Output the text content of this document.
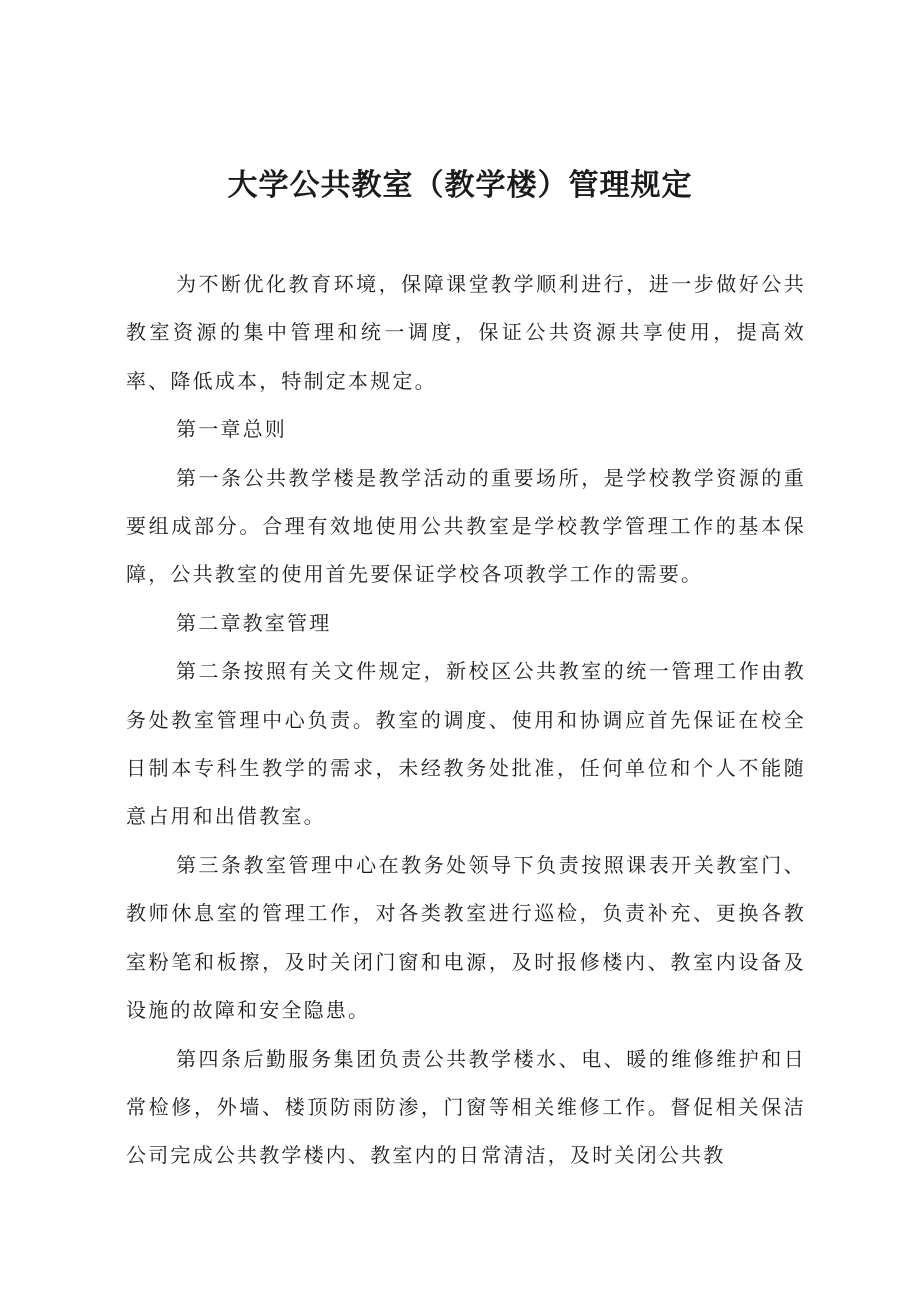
大学公共教室（教学楼）管理规定

为不断优化教育环境，保障课堂教学顺利进行，进一步做好公共教室资源的集中管理和统一调度，保证公共资源共享使用，提高效率、降低成本，特制定本规定。

第一章总则

第一条公共教学楼是教学活动的重要场所，是学校教学资源的重要组成部分。合理有效地使用公共教室是学校教学管理工作的基本保障，公共教室的使用首先要保证学校各项教学工作的需要。

第二章教室管理

第二条按照有关文件规定，新校区公共教室的统一管理工作由教务处教室管理中心负责。教室的调度、使用和协调应首先保证在校全日制本专科生教学的需求，未经教务处批准，任何单位和个人不能随意占用和出借教室。

第三条教室管理中心在教务处领导下负责按照课表开关教室门、教师休息室的管理工作，对各类教室进行巡检，负责补充、更换各教室粉笔和板擦，及时关闭门窗和电源，及时报修楼内、教室内设备及设施的故障和安全隐患。

第四条后勤服务集团负责公共教学楼水、电、暖的维修维护和日常检修，外墙、楼顶防雨防渗，门窗等相关维修工作。督促相关保洁公司完成公共教学楼内、教室内的日常清洁，及时关闭公共教
